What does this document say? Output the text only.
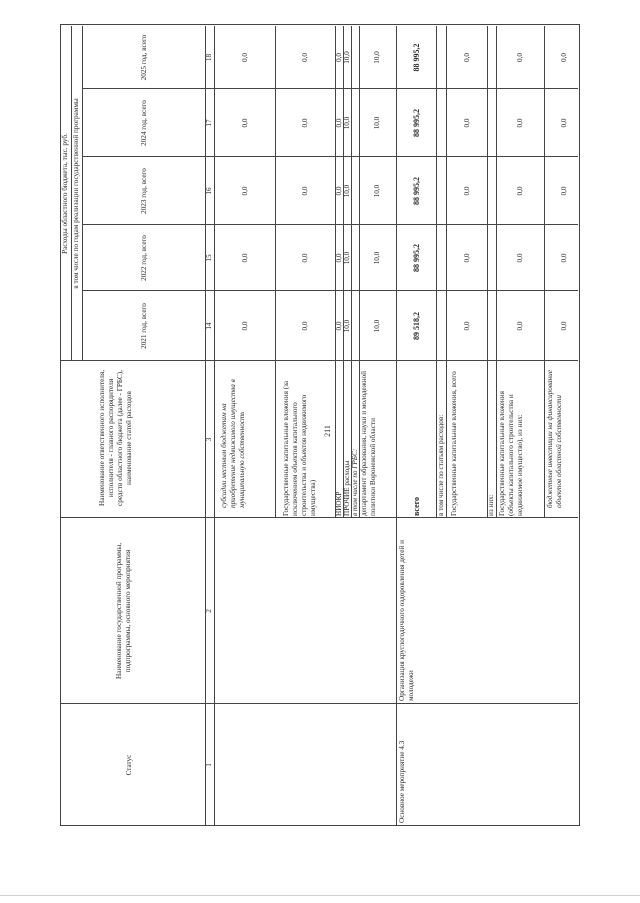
211
Статус
Наименование государственной программы, подпрограммы, основного мероприятия
Наименование ответственного исполнителя, исполнителя - главного распорядителя средств областного бюджета (далее - ГРБС), наименование статей расходов
Расходы областного бюджета, тыс. руб. в том числе по годам реализации государственной программы
2021 год, всего
2022 год, всего
2023 год, всего
2024 год, всего
2025 год, всего
1
2
3
14
15
16
17
18
Основное мероприятие 4.3
Организация круглогодичного оздоровления детей и молодежи
субсидии местным бюджетам на приобретение недвижимого имущества в муниципальную собственность
0,0
0,0
0,0
0,0
0,0
Государственные капитальные вложения (за исключением объектов капитального строительства и объектов недвижимого имущества)
0,0
0,0
0,0
0,0
0,0
НИОКР
0,0
0,0
0,0
0,0
0,0
ПРОЧИЕ расходы
10,0
10,0
10,0
10,0
10,0
в том числе по ГРБС: департамент образования, науки и молодежной политики Воронежской области
10,0
10,0
10,0
10,0
10,0
всего
89 518,2
88 995,2
88 995,2
88 995,2
88 995,2
в том числе по статьям расходов: Государственные капитальные вложения, всего
0,0
0,0
0,0
0,0
0,0
из них: Государственные капитальные вложения (объекты капитального строительства и недвижимое имущество), из них:
0,0
0,0
0,0
0,0
0,0
бюджетные инвестиции на финансирование объектов областной собственности
0,0
0,0
0,0
0,0
0,0
